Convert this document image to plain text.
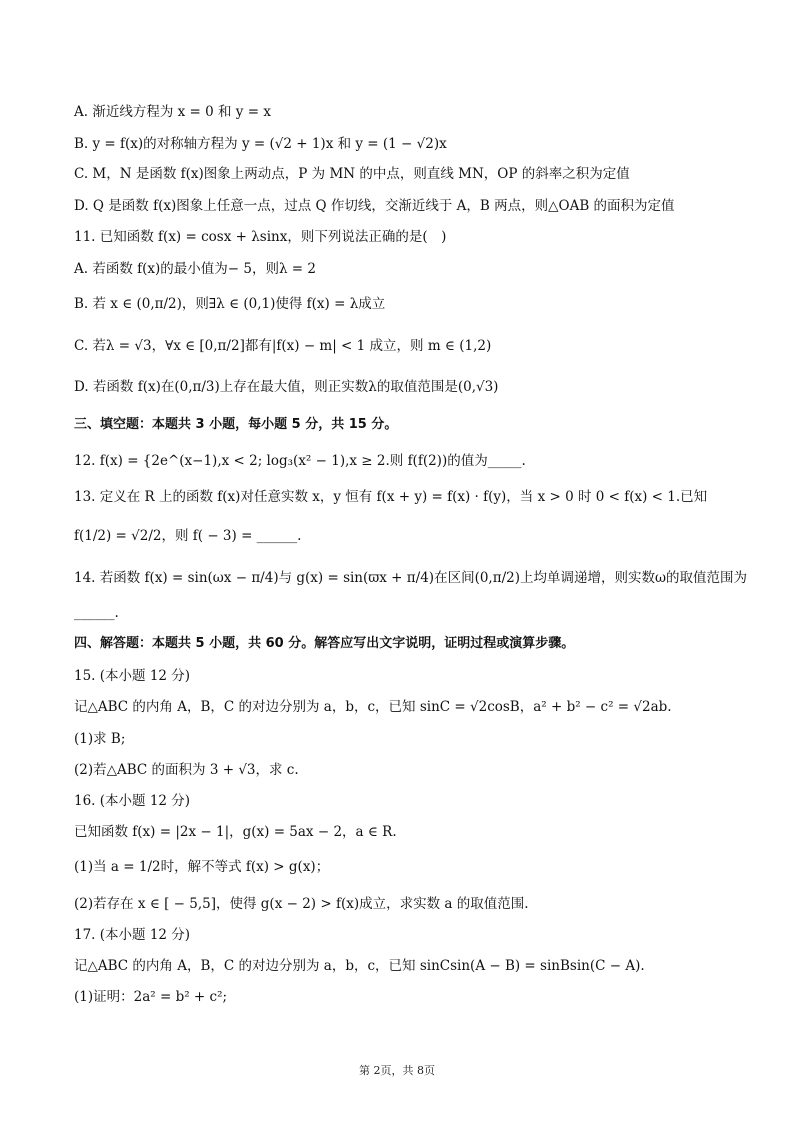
A. 渐近线方程为 x = 0 和 y = x
B. y = f(x)的对称轴方程为 y = (√2 + 1)x 和 y = (1 − √2)x
C. M，N 是函数 f(x)图象上两动点，P 为 MN 的中点，则直线 MN，OP 的斜率之积为定值
D. Q 是函数 f(x)图象上任意一点，过点 Q 作切线，交渐近线于 A，B 两点，则△OAB 的面积为定值
11. 已知函数 f(x) = cosx + λsinx，则下列说法正确的是(　)
A. 若函数 f(x)的最小值为− 5，则λ = 2
B. 若 x ∈ (0,π/2)，则∃λ ∈ (0,1)使得 f(x) = λ成立
C. 若λ = √3，∀x ∈ [0,π/2]都有|f(x) − m| < 1 成立，则 m ∈ (1,2)
D. 若函数 f(x)在(0,π/3)上存在最大值，则正实数λ的取值范围是(0,√3)
三、填空题：本题共 3 小题，每小题 5 分，共 15 分。
12. f(x) = {2e^(x−1),x < 2; log₃(x² − 1),x ≥ 2.则 f(f(2))的值为_____.
13. 定义在 R 上的函数 f(x)对任意实数 x，y 恒有 f(x + y) = f(x) · f(y)，当 x > 0 时 0 < f(x) < 1.已知
f(1/2) = √2/2，则 f( − 3) = ______.
14. 若函数 f(x) = sin(ωx − π/4)与 g(x) = sin(ϖx + π/4)在区间(0,π/2)上均单调递增，则实数ω的取值范围为
______.
四、解答题：本题共 5 小题，共 60 分。解答应写出文字说明，证明过程或演算步骤。
15. (本小题 12 分)
记△ABC 的内角 A，B，C 的对边分别为 a，b，c，已知 sinC = √2cosB，a² + b² − c² = √2ab.
(1)求 B;
(2)若△ABC 的面积为 3 + √3，求 c.
16. (本小题 12 分)
已知函数 f(x) = |2x − 1|，g(x) = 5ax − 2，a ∈ R.
(1)当 a = 1/2时，解不等式 f(x) > g(x)；
(2)若存在 x ∈ [ − 5,5]，使得 g(x − 2) > f(x)成立，求实数 a 的取值范围.
17. (本小题 12 分)
记△ABC 的内角 A，B，C 的对边分别为 a，b，c，已知 sinCsin(A − B) = sinBsin(C − A).
(1)证明：2a² = b² + c²;
第 2页，共 8页
